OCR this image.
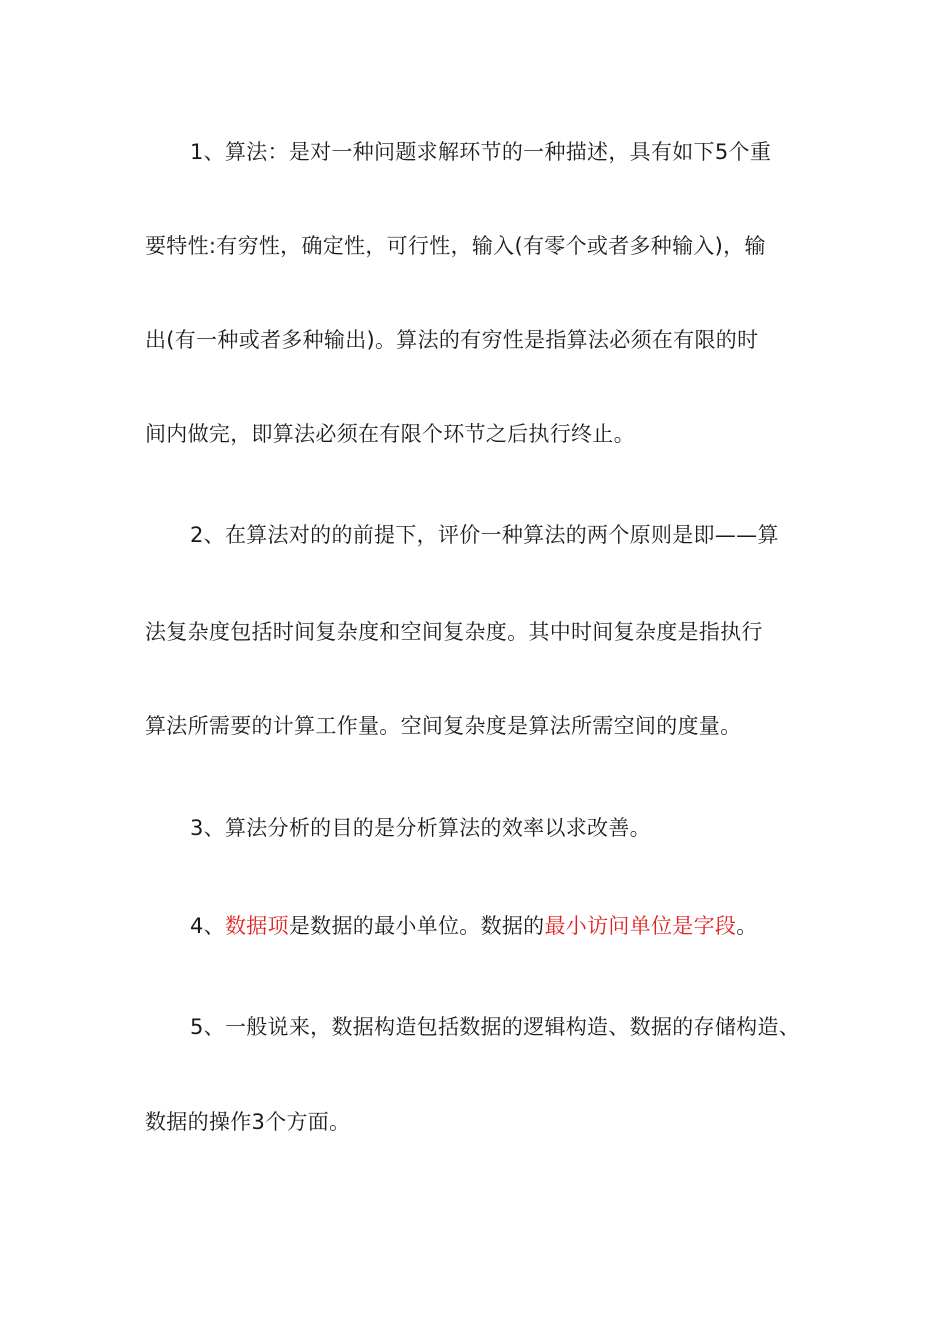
1、算法：是对一种问题求解环节的一种描述，具有如下5个重
要特性:有穷性，确定性，可行性，输入(有零个或者多种输入)，输
出(有一种或者多种输出)。算法的有穷性是指算法必须在有限的时
间内做完，即算法必须在有限个环节之后执行终止。
2、在算法对的的前提下，评价一种算法的两个原则是即——算
法复杂度包括时间复杂度和空间复杂度。其中时间复杂度是指执行
算法所需要的计算工作量。空间复杂度是算法所需空间的度量。
3、算法分析的目的是分析算法的效率以求改善。
4、数据项是数据的最小单位。数据的最小访问单位是字段。
5、一般说来，数据构造包括数据的逻辑构造、数据的存储构造、
数据的操作3个方面。
